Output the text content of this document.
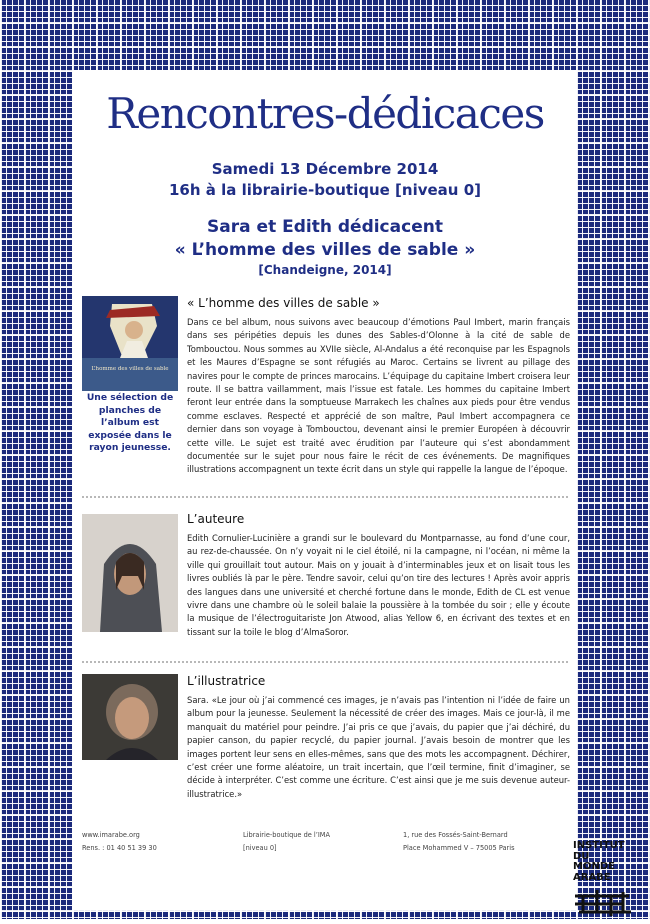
Rencontres-dédicaces
Samedi 13 Décembre 2014
16h à la librairie-boutique [niveau 0]
Sara et Edith dédicacent
« L’homme des villes de sable »
[Chandeigne, 2014]
L’homme des villes de sable
Une sélection de planches de l’album est exposée dans le rayon jeunesse.
« L’homme des villes de sable »

Dans ce bel album, nous suivons avec beaucoup d’émotions Paul Imbert, marin français dans ses péripéties depuis les dunes des Sables-d’Olonne à la cité de sable de Tombouctou. Nous sommes au XVIIe siècle, Al-Andalus a été reconquise par les Espagnols et les Maures d’Espagne se sont réfugiés au Maroc. Certains se livrent au pillage des navires pour le compte de princes marocains. L’équipage du capitaine Imbert croisera leur route. Il se battra vaillamment, mais l’issue est fatale. Les hommes du capitaine Imbert feront leur entrée dans la somptueuse Marrakech les chaînes aux pieds pour être vendus comme esclaves. Respecté et apprécié de son maître, Paul Imbert accompagnera ce dernier dans son voyage à Tombouctou, devenant ainsi le premier Européen à découvrir cette ville. Le sujet est traité avec érudition par l’auteure qui s’est abondamment documentée sur le sujet pour nous faire le récit de ces événements. De magnifiques illustrations accompagnent un texte écrit dans un style qui rappelle la langue de l’époque.

L’auteure

Edith Cornulier-Lucinière a grandi sur le boulevard du Montparnasse, au fond d’une cour, au rez-de-chaussée. On n’y voyait ni le ciel étoilé, ni la campagne, ni l’océan, ni même la ville qui grouillait tout autour. Mais on y jouait à d’interminables jeux et on lisait tous les livres oubliés là par le père. Tendre savoir, celui qu’on tire des lectures ! Après avoir appris des langues dans une université et cherché fortune dans le monde, Edith de CL est venue vivre dans une chambre où le soleil balaie la poussière à la tombée du soir ; elle y écoute la musique de l’électroguitariste Jon Atwood, alias Yellow 6, en écrivant des textes et en tissant sur la toile le blog d’AlmaSoror.

L’illustratrice

Sara. «Le jour où j’ai commencé ces images, je n’avais pas l’intention ni l’idée de faire un album pour la jeunesse. Seulement la nécessité de créer des images. Mais ce jour-là, il me manquait du matériel pour peindre. J’ai pris ce que j’avais, du papier que j’ai déchiré, du papier canson, du papier recyclé, du papier journal. J’avais besoin de montrer que les images portent leur sens en elles-mêmes, sans que des mots les accompagnent. Déchirer, c’est créer une forme aléatoire, un trait incertain, que l’œil termine, finit d’imaginer, se décide à interpréter. C’est comme une écriture. C’est ainsi que je me suis devenue auteur-illustratrice.»

www.imarabe.org
Rens. : 01 40 51 39 30
Librairie-boutique de l’IMA
[niveau 0]
1, rue des Fossés-Saint-Bernard
Place Mohammed V – 75005 Paris	INSTITUT
DU MONDE
ARABE
